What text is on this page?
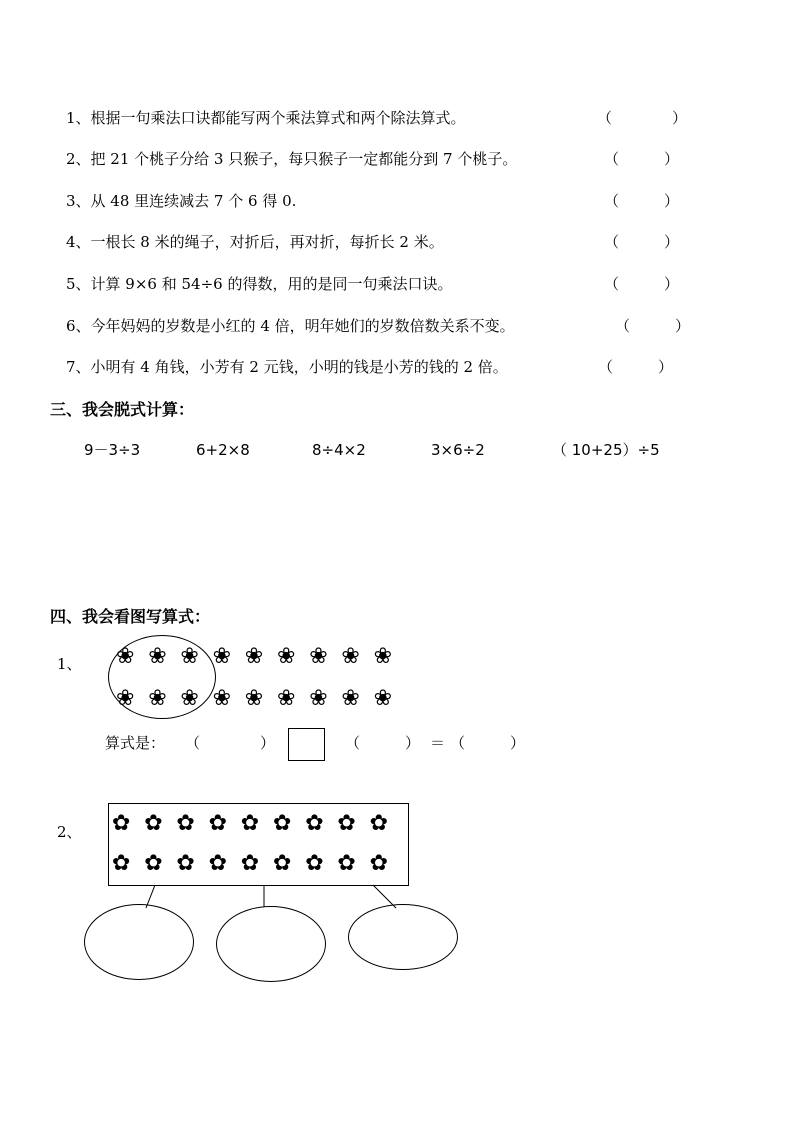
1、根据一句乘法口诀都能写两个乘法算式和两个除法算式。	（　　　　）
2、把 21 个桃子分给 3 只猴子，每只猴子一定都能分到 7 个桃子。	（　　　）
3、从 48 里连续减去 7 个 6 得 0.	（　　　）
4、一根长 8 米的绳子，对折后，再对折，每折长 2 米。	（　　　）
5、计算 9×6 和 54÷6 的得数，用的是同一句乘法口诀。	（　　　）
6、今年妈妈的岁数是小红的 4 倍，明年她们的岁数倍数关系不变。	（　　　）
7、小明有 4 角钱，小芳有 2 元钱，小明的钱是小芳的钱的 2 倍。	（　　　）
三、我会脱式计算：
9－3÷3	6+2×8	8÷4×2	3×6÷2	（ 10+25）÷5
四、我会看图写算式：
1、 ❀ ❀ ❀ ❀ ❀ ❀ ❀ ❀ ❀
❀ ❀ ❀ ❀ ❀ ❀ ❀ ❀ ❀
算式是： （　　　　）	（　　　） ＝ （　　　）
2、 ✿ ✿ ✿ ✿ ✿ ✿ ✿ ✿ ✿
✿ ✿ ✿ ✿ ✿ ✿ ✿ ✿ ✿
